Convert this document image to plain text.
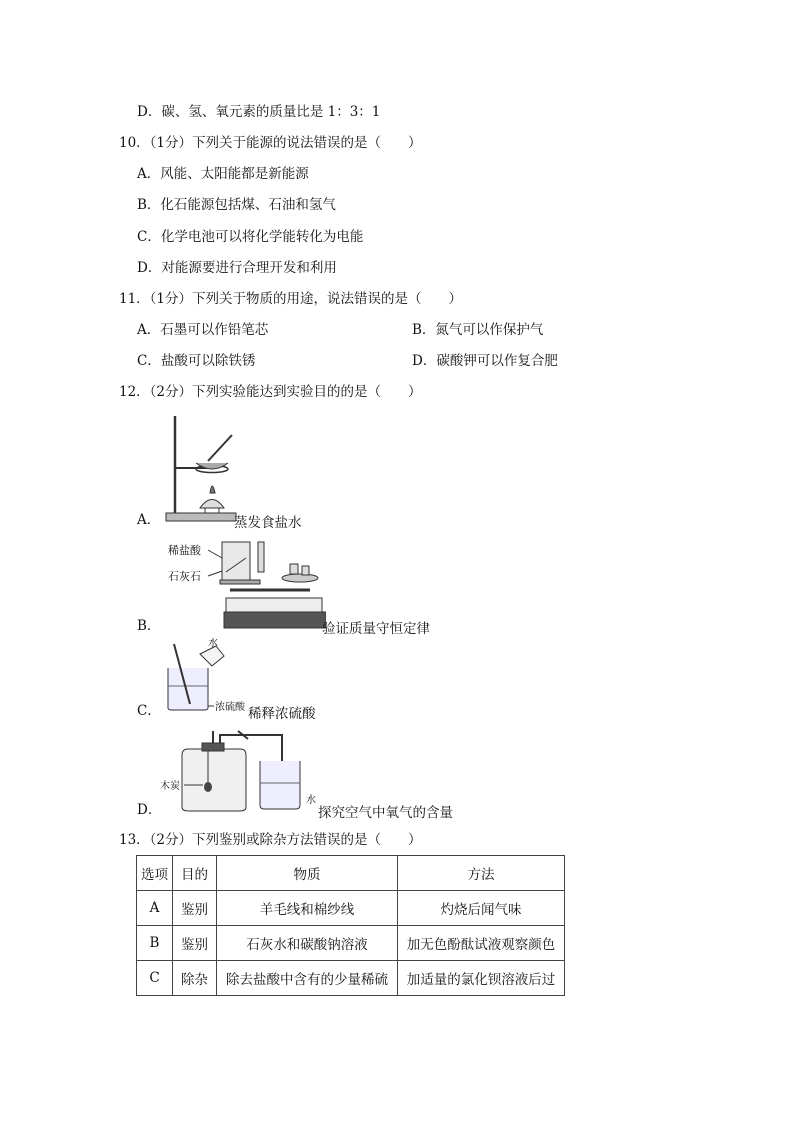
D．碳、氢、氧元素的质量比是 1：3：1
10．（1分）下列关于能源的说法错误的是（　　）
A．风能、太阳能都是新能源
B．化石能源包括煤、石油和氢气
C．化学电池可以将化学能转化为电能
D．对能源要进行合理开发和利用
11．（1分）下列关于物质的用途，说法错误的是（　　）
A．石墨可以作铅笔芯	B．氮气可以作保护气
C．盐酸可以除铁锈	D．碳酸钾可以作复合肥
12．（2分）下列实验能达到实验目的的是（　　）
A．	蒸发食盐水
B．
稀盐酸
石灰石
验证质量守恒定律
C．
水
浓硫酸 稀释浓硫酸
D．
木炭
水
探究空气中氧气的含量
13．（2分）下列鉴别或除杂方法错误的是（　　）
选项	目的	物质	方法
A	鉴别	羊毛线和棉纱线	灼烧后闻气味
B	鉴别	石灰水和碳酸钠溶液	加无色酚酞试液观察颜色
C	除杂	除去盐酸中含有的少量稀硫	加适量的氯化钡溶液后过
